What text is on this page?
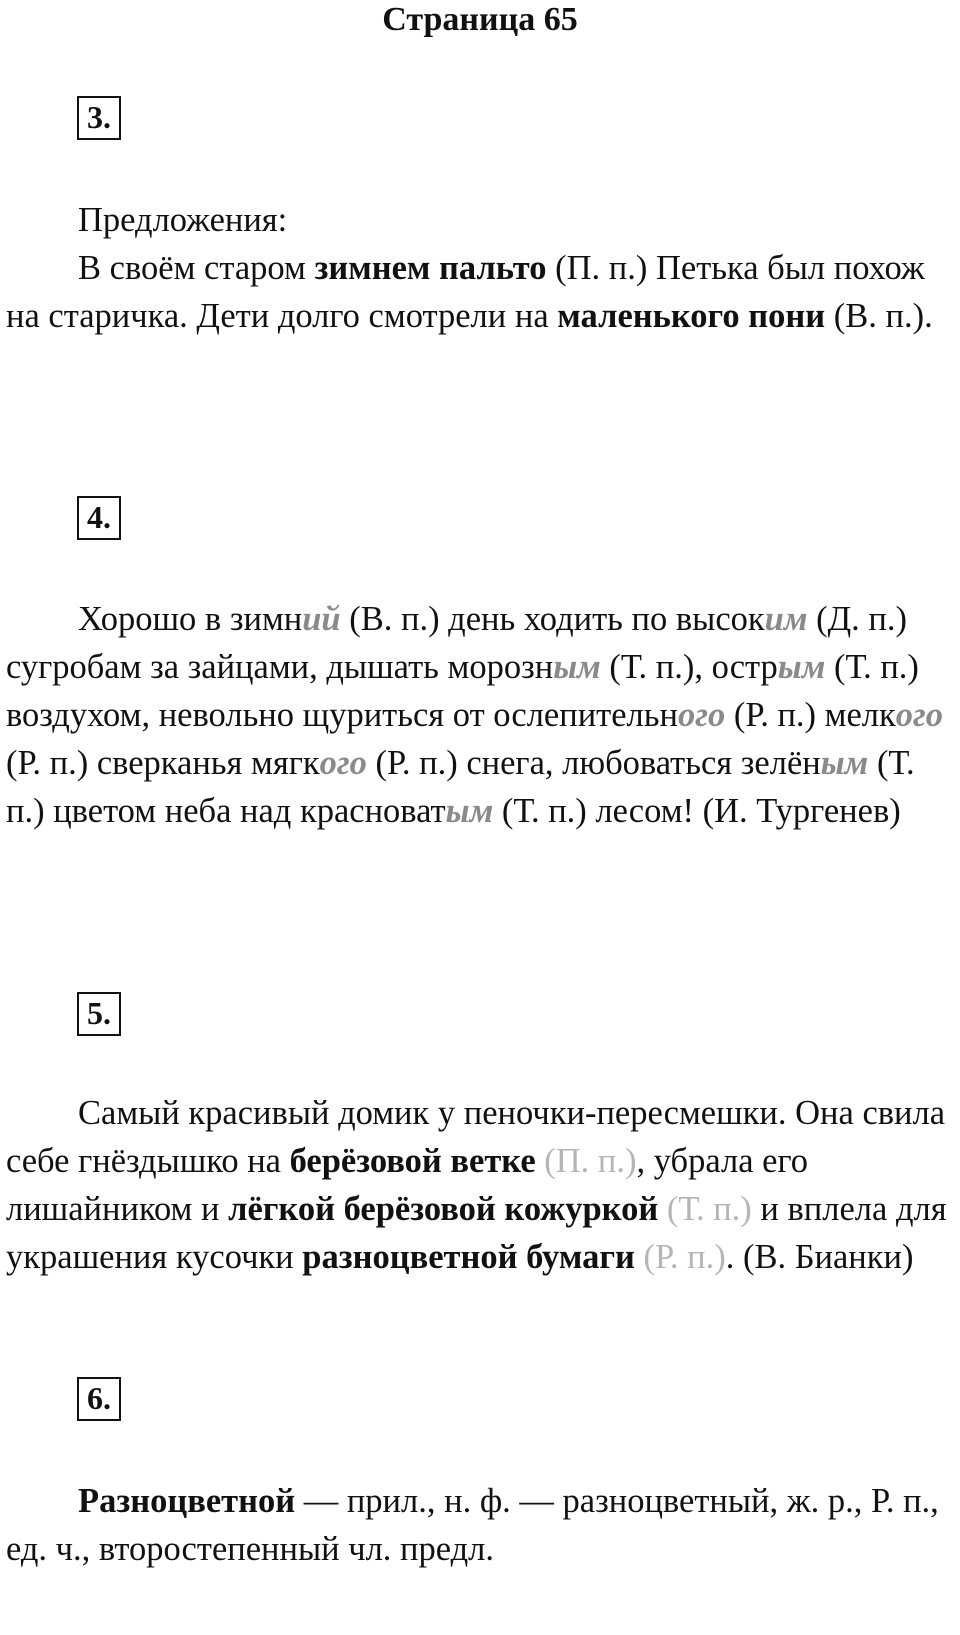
Страница 65
3.

Предложения:

В своём старом зимнем пальто (П. п.) Петька был похож на старичка. Дети долго смотрели на маленького пони (В. п.).

4.

Хорошо в зимний (В. п.) день ходить по высоким (Д. п.) сугробам за зайцами, дышать морозным (Т. п.), острым (Т. п.) воздухом, невольно щуриться от ослепительного (Р. п.) мелкого (Р. п.) сверканья мягкого (Р. п.) снега, любоваться зелёным (Т. п.) цветом неба над красноватым (Т. п.) лесом! (И. Тургенев)

5.

Самый красивый домик у пеночки-пересмешки. Она свила себе гнёздышко на берёзовой ветке (П. п.), убрала его лишайником и лёгкой берёзовой кожуркой (Т. п.) и вплела для украшения кусочки разноцветной бумаги (Р. п.). (В. Бианки)

6.

Разноцветной — прил., н. ф. — разноцветный, ж. р., Р. п., ед. ч., второстепенный чл. предл.
